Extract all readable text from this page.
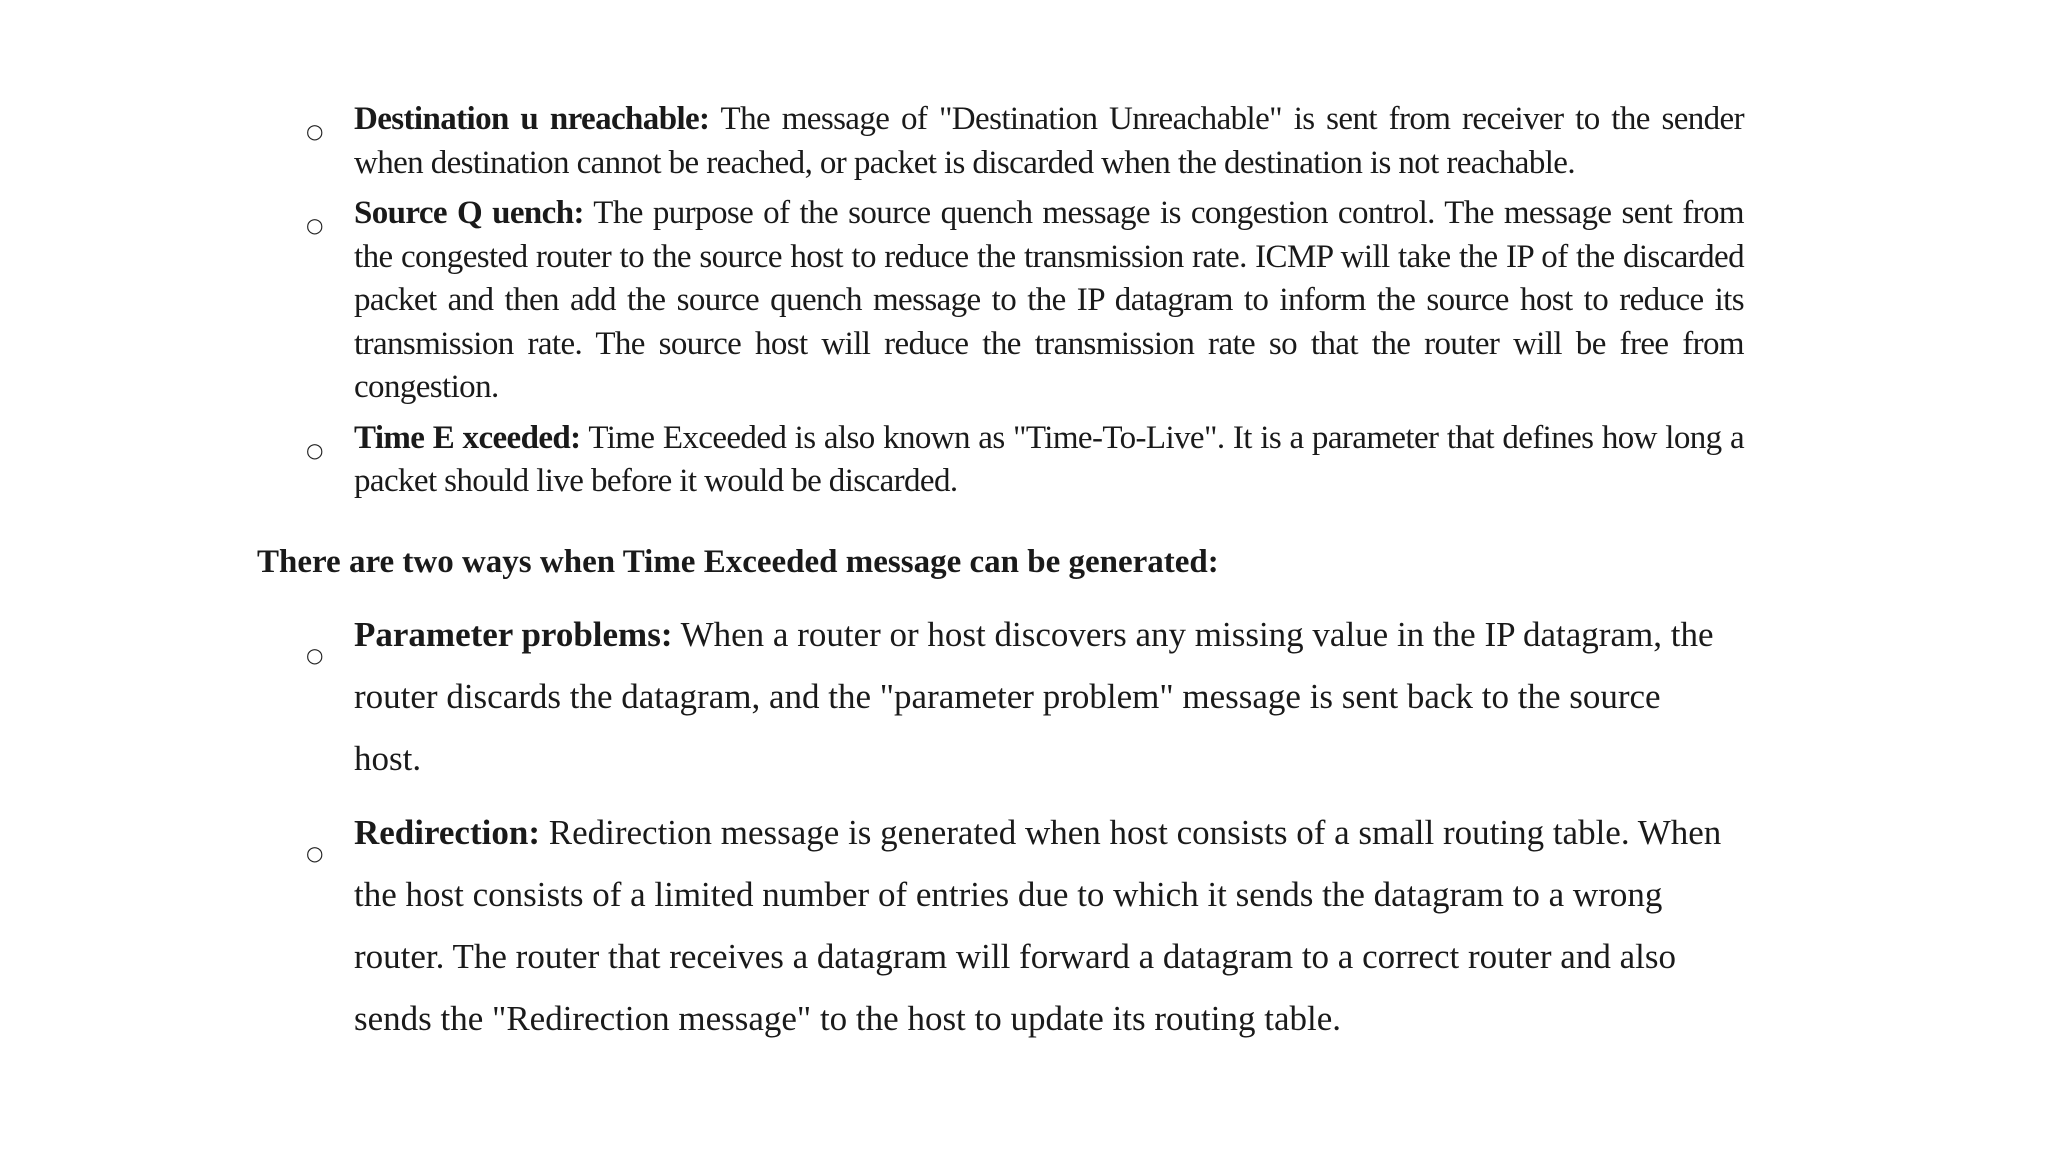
○ Destination u nreachable: The message of "Destination Unreachable" is sent from receiver to the sender when destination cannot be reached, or packet is discarded when the destination is not reachable.
○ Source Q uench: The purpose of the source quench message is congestion control. The message sent from the congested router to the source host to reduce the transmission rate. ICMP will take the IP of the discarded packet and then add the source quench message to the IP datagram to inform the source host to reduce its transmission rate. The source host will reduce the transmission rate so that the router will be free from congestion.
○ Time E xceeded: Time Exceeded is also known as "Time-To-Live". It is a parameter that defines how long a packet should live before it would be discarded.
There are two ways when Time Exceeded message can be generated:
○
Parameter problems: When a router or host discovers any missing value in the IP datagram, the router discards the datagram, and the "parameter problem" message is sent back to the source host.
○
Redirection: Redirection message is generated when host consists of a small routing table. When the host consists of a limited number of entries due to which it sends the datagram to a wrong router. The router that receives a datagram will forward a datagram to a correct router and also sends the "Redirection message" to the host to update its routing table.
